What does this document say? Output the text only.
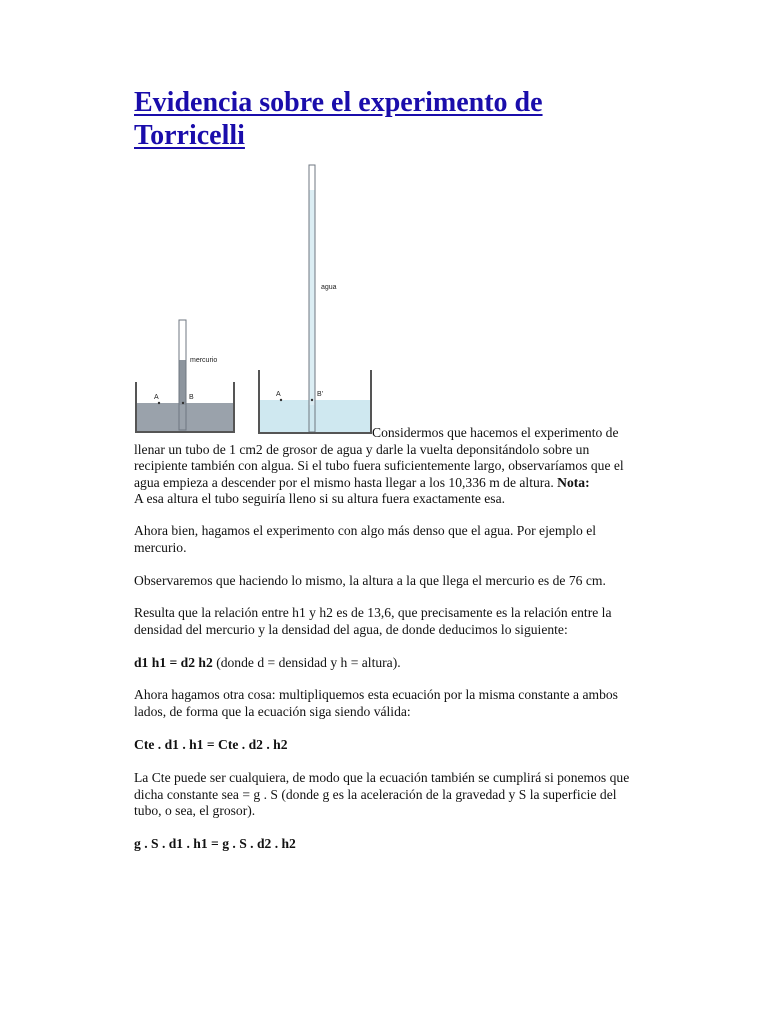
Evidencia sobre el experimento de Torricelli
A	B
mercurio
A	B'
agua

Considermos que hacemos el experimento de llenar un tubo de 1 cm2 de grosor de agua y darle la vuelta deponsitándolo sobre un recipiente también con algua. Si el tubo fuera suficientemente largo, observaríamos que el agua empieza a descender por el mismo hasta llegar a los 10,336 m de altura. Nota:
A esa altura el tubo seguiría lleno si su altura fuera exactamente esa.

Ahora bien, hagamos el experimento con algo más denso que el agua. Por ejemplo el mercurio.

Observaremos que haciendo lo mismo, la altura a la que llega el mercurio es de 76 cm.

Resulta que la relación entre h1 y h2 es de 13,6, que precisamente es la relación entre la densidad del mercurio y la densidad del agua, de donde deducimos lo siguiente:

d1 h1 = d2 h2 (donde d = densidad y h = altura).

Ahora hagamos otra cosa: multipliquemos esta ecuación por la misma constante a ambos lados, de forma que la ecuación siga siendo válida:

Cte . d1 . h1 = Cte . d2 . h2

La Cte puede ser cualquiera, de modo que la ecuación también se cumplirá si ponemos que dicha constante sea = g . S (donde g es la aceleración de la gravedad y S la superficie del tubo, o sea, el grosor).

g . S . d1 . h1 = g . S . d2 . h2
